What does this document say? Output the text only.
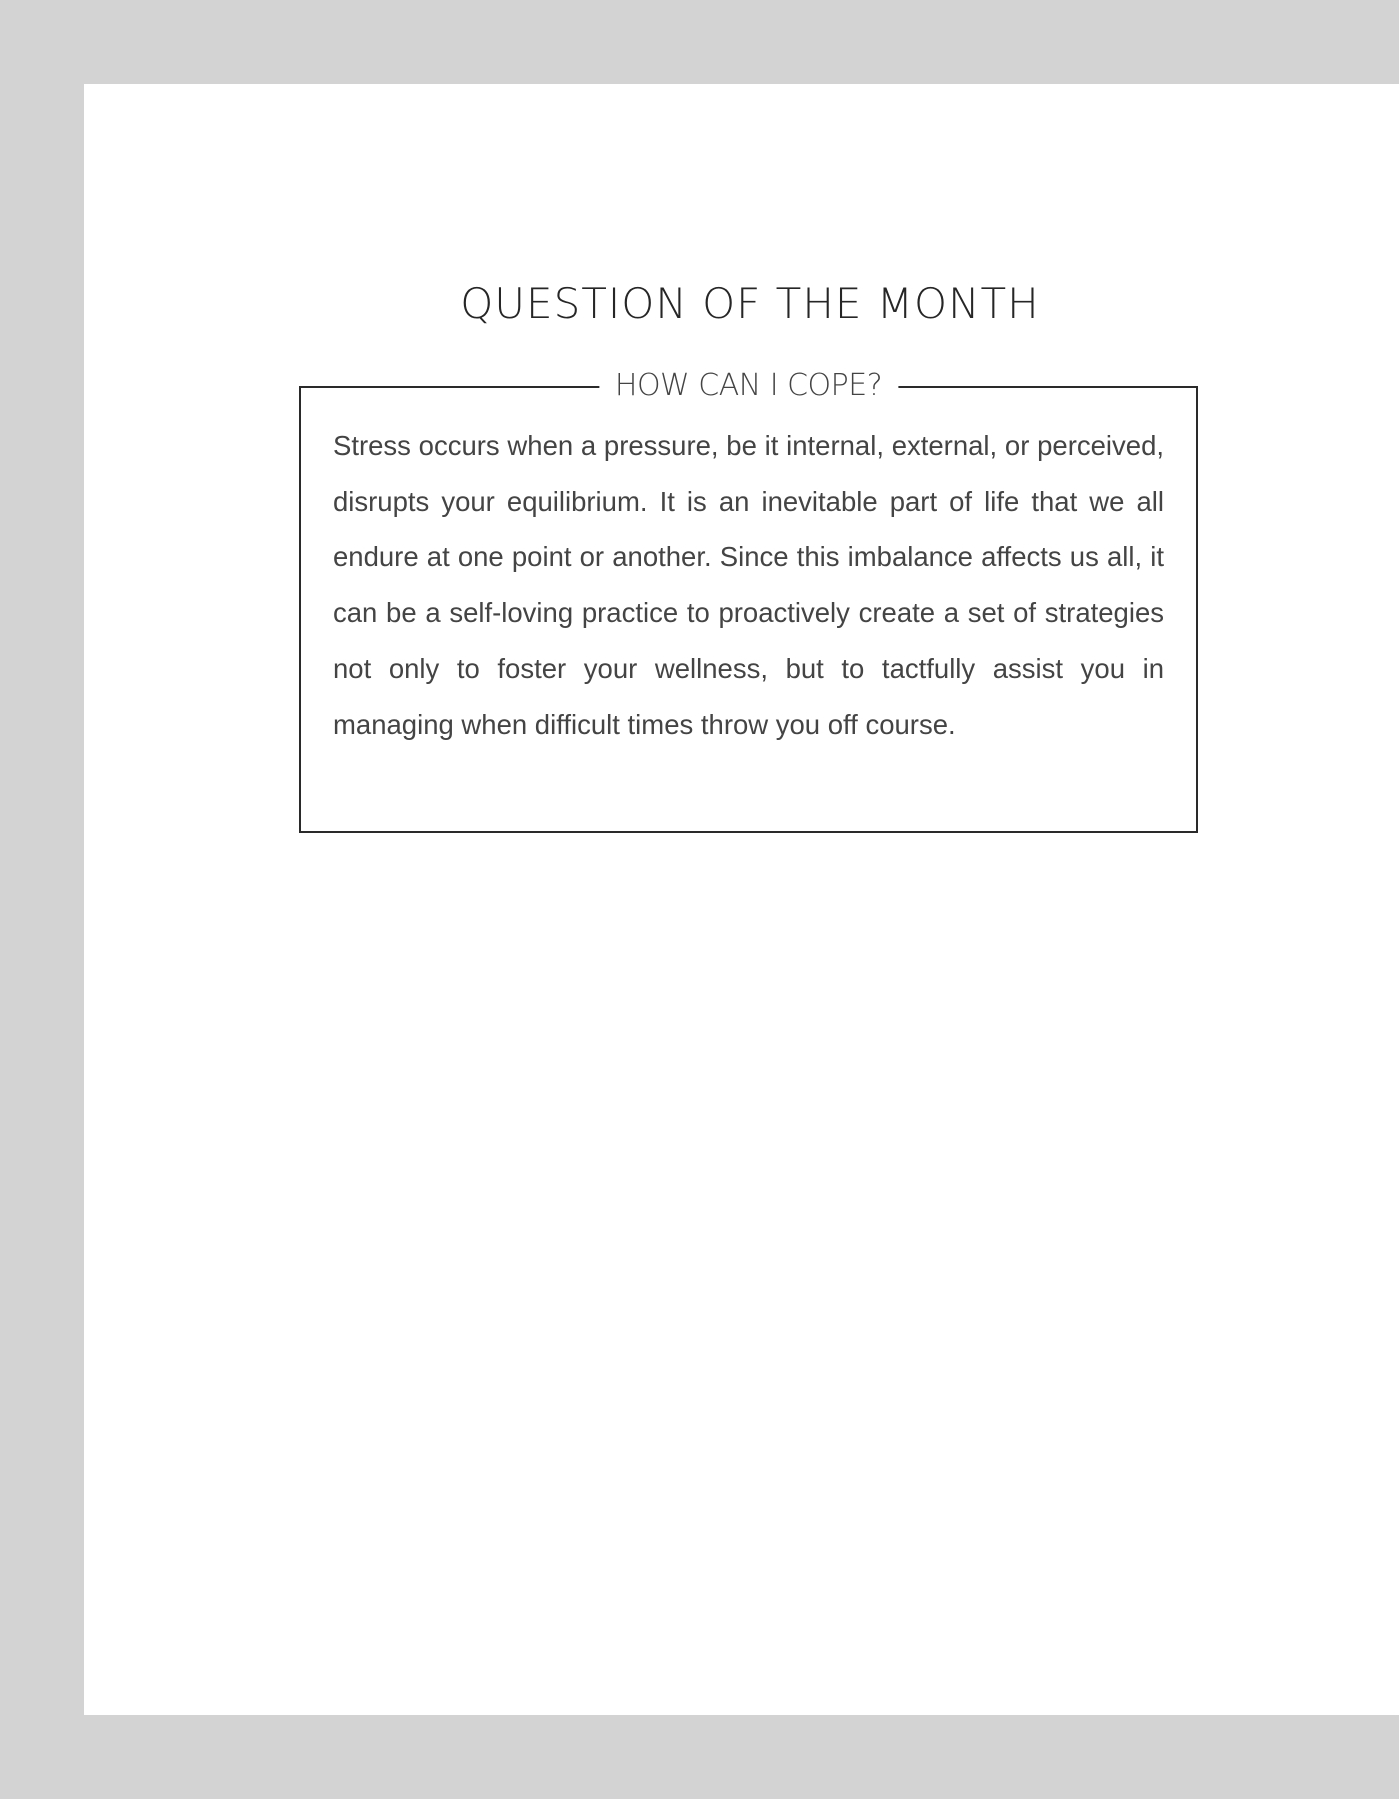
QUESTION OF THE MONTH
HOW CAN I COPE?

Stress occurs when a pressure, be it internal, external, or perceived, disrupts your equilibrium. It is an inevitable part of life that we all endure at one point or another. Since this imbalance affects us all, it can be a self-loving practice to proactively create a set of strategies not only to foster your wellness, but to tactfully assist you in managing when difficult times throw you off course.
